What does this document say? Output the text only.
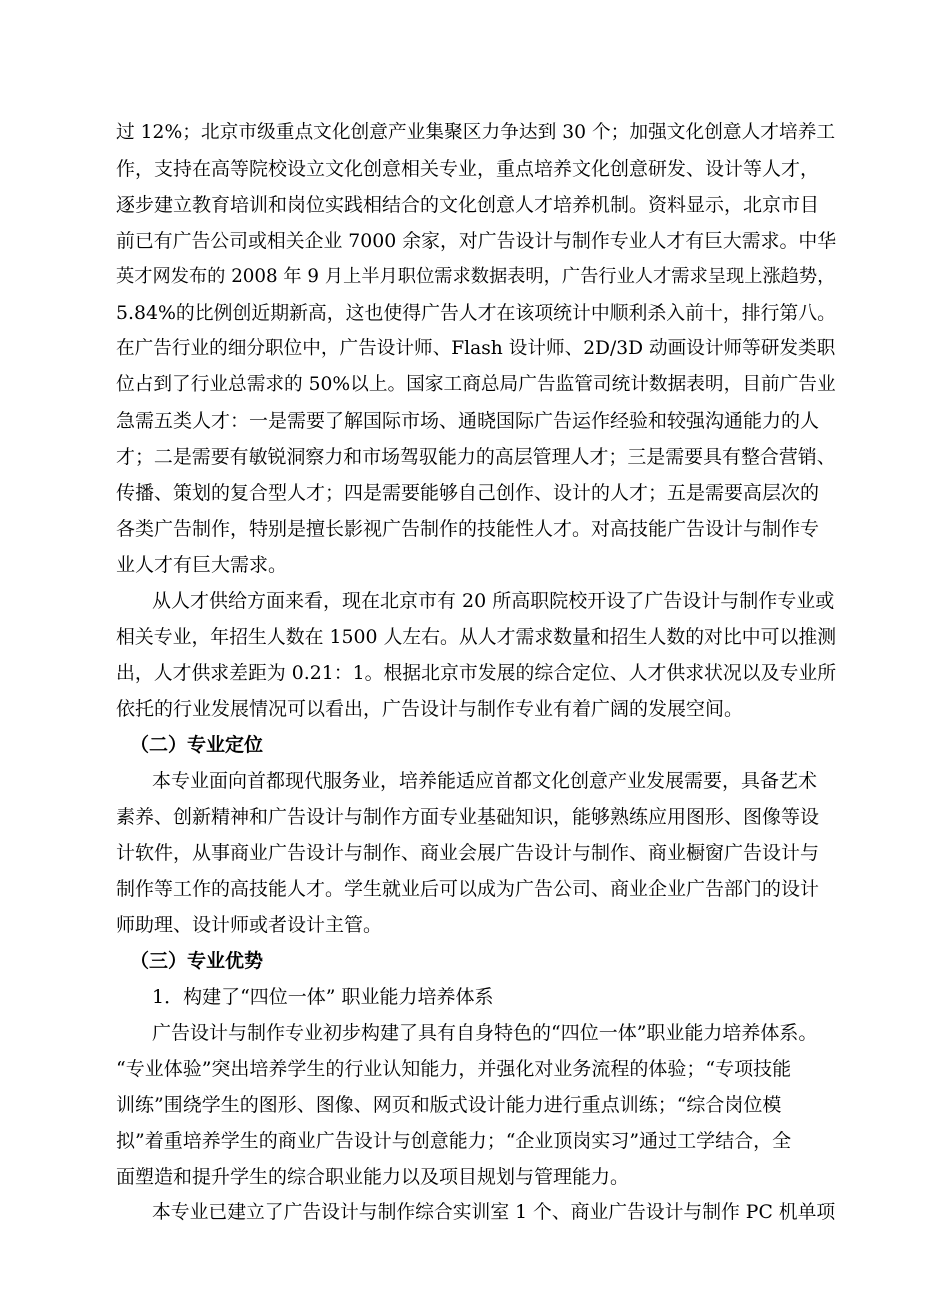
过 12%；北京市级重点文化创意产业集聚区力争达到 30 个；加强文化创意人才培养工
作，支持在高等院校设立文化创意相关专业，重点培养文化创意研发、设计等人才，
逐步建立教育培训和岗位实践相结合的文化创意人才培养机制。资料显示，北京市目
前已有广告公司或相关企业 7000 余家，对广告设计与制作专业人才有巨大需求。中华
英才网发布的 2008 年 9 月上半月职位需求数据表明，广告行业人才需求呈现上涨趋势，
5.84%的比例创近期新高，这也使得广告人才在该项统计中顺利杀入前十，排行第八。
在广告行业的细分职位中，广告设计师、Flash 设计师、2D/3D 动画设计师等研发类职
位占到了行业总需求的 50%以上。国家工商总局广告监管司统计数据表明，目前广告业
急需五类人才：一是需要了解国际市场、通晓国际广告运作经验和较强沟通能力的人
才；二是需要有敏锐洞察力和市场驾驭能力的高层管理人才；三是需要具有整合营销、
传播、策划的复合型人才；四是需要能够自己创作、设计的人才；五是需要高层次的
各类广告制作，特别是擅长影视广告制作的技能性人才。对高技能广告设计与制作专
业人才有巨大需求。
从人才供给方面来看，现在北京市有 20 所高职院校开设了广告设计与制作专业或
相关专业，年招生人数在 1500 人左右。从人才需求数量和招生人数的对比中可以推测
出，人才供求差距为 0.21：1。根据北京市发展的综合定位、人才供求状况以及专业所
依托的行业发展情况可以看出，广告设计与制作专业有着广阔的发展空间。
（二）专业定位
本专业面向首都现代服务业，培养能适应首都文化创意产业发展需要，具备艺术
素养、创新精神和广告设计与制作方面专业基础知识，能够熟练应用图形、图像等设
计软件，从事商业广告设计与制作、商业会展广告设计与制作、商业橱窗广告设计与
制作等工作的高技能人才。学生就业后可以成为广告公司、商业企业广告部门的设计
师助理、设计师或者设计主管。
（三）专业优势
1．构建了“四位一体” 职业能力培养体系
广告设计与制作专业初步构建了具有自身特色的“四位一体”职业能力培养体系。
“专业体验”突出培养学生的行业认知能力，并强化对业务流程的体验；“专项技能
训练”围绕学生的图形、图像、网页和版式设计能力进行重点训练；“综合岗位模
拟”着重培养学生的商业广告设计与创意能力；“企业顶岗实习”通过工学结合，全
面塑造和提升学生的综合职业能力以及项目规划与管理能力。
本专业已建立了广告设计与制作综合实训室 1 个、商业广告设计与制作 PC 机单项
